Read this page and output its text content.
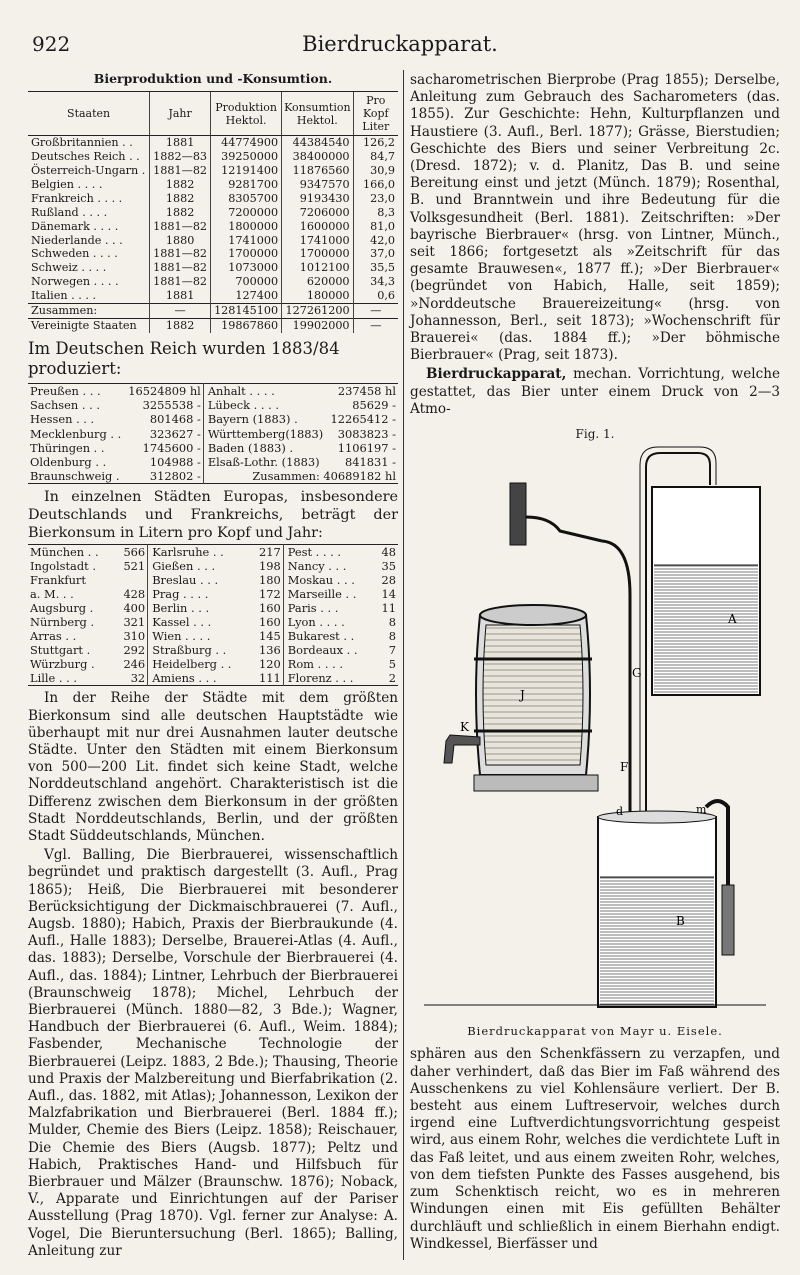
922	Bierdruckapparat.
Bierproduktion und -Konsumtion.
Staaten	Jahr	Produktion Hektol.	Konsumtion Hektol.	Pro Kopf Liter
Großbritannien . .	1881	44774900	44384540	126,2
Deutsches Reich . .	1882—83	39250000	38400000	84,7
Österreich-Ungarn .	1881—82	12191400	11876560	30,9
Belgien . . . .	1882	9281700	9347570	166,0
Frankreich . . . .	1882	8305700	9193430	23,0
Rußland . . . .	1882	7200000	7206000	8,3
Dänemark . . . .	1881—82	1800000	1600000	81,0
Niederlande . . .	1880	1741000	1741000	42,0
Schweden . . . .	1881—82	1700000	1700000	37,0
Schweiz . . . .	1881—82	1073000	1012100	35,5
Norwegen . . . .	1881—82	700000	620000	34,3
Italien . . . .	1881	127400	180000	0,6
Zusammen:	—	128145100	127261200	—
Vereinigte Staaten	1882	19867860	19902000	—
Im Deutschen Reich wurden 1883/84 produziert:
Preußen . . .	16524809 hl	Anhalt . . . .	237458 hl
Sachsen . . .	3255538 -	Lübeck . . . .	85629 -
Hessen . . .	801468 -	Bayern (1883) .	12265412 -
Mecklenburg . .	323627 -	Württemberg(1883)	3083823 -
Thüringen . .	1745600 -	Baden (1883) .	1106197 -
Oldenburg . .	104988 -	Elsaß-Lothr. (1883)	841831 -
Braunschweig .	312802 -	Zusammen: 40689182 hl	
In einzelnen Städten Europas, insbesondere Deutschlands und Frankreichs, beträgt der Bierkonsum in Litern pro Kopf und Jahr:
München . .	566	Karlsruhe . .	217	Pest . . . .	48
Ingolstadt .	521	Gießen . . .	198	Nancy . . .	35
Frankfurt		Breslau . . .	180	Moskau . . .	28
a. M. . .	428	Prag . . . .	172	Marseille . .	14
Augsburg .	400	Berlin . . .	160	Paris . . .	11
Nürnberg .	321	Kassel . . .	160	Lyon . . . .	8
Arras . .	310	Wien . . . .	145	Bukarest . .	8
Stuttgart .	292	Straßburg . .	136	Bordeaux . .	7
Würzburg .	246	Heidelberg . .	120	Rom . . . .	5
Lille . . .	32	Amiens . . .	111	Florenz . . .	2
In der Reihe der Städte mit dem größten Bierkonsum sind alle deutschen Hauptstädte wie überhaupt mit nur drei Ausnahmen lauter deutsche Städte. Unter den Städten mit einem Bierkonsum von 500—200 Lit. findet sich keine Stadt, welche Norddeutschland angehört. Charakteristisch ist die Differenz zwischen dem Bierkonsum in der größten Stadt Norddeutschlands, Berlin, und der größten Stadt Süddeutschlands, München.
Vgl. Balling, Die Bierbrauerei, wissenschaftlich begründet und praktisch dargestellt (3. Aufl., Prag 1865); Heiß, Die Bierbrauerei mit besonderer Berücksichtigung der Dickmaischbrauerei (7. Aufl., Augsb. 1880); Habich, Praxis der Bierbraukunde (4. Aufl., Halle 1883); Derselbe, Brauerei-Atlas (4. Aufl., das. 1883); Derselbe, Vorschule der Bierbrauerei (4. Aufl., das. 1884); Lintner, Lehrbuch der Bierbrauerei (Braunschweig 1878); Michel, Lehrbuch der Bierbrauerei (Münch. 1880—82, 3 Bde.); Wagner, Handbuch der Bierbrauerei (6. Aufl., Weim. 1884); Fasbender, Mechanische Technologie der Bierbrauerei (Leipz. 1883, 2 Bde.); Thausing, Theorie und Praxis der Malzbereitung und Bierfabrikation (2. Aufl., das. 1882, mit Atlas); Johannesson, Lexikon der Malzfabrikation und Bierbrauerei (Berl. 1884 ff.); Mulder, Chemie des Biers (Leipz. 1858); Reischauer, Die Chemie des Biers (Augsb. 1877); Peltz und Habich, Praktisches Hand- und Hilfsbuch für Bierbrauer und Mälzer (Braunschw. 1876); Noback, V., Apparate und Einrichtungen auf der Pariser Ausstellung (Prag 1870). Vgl. ferner zur Analyse: A. Vogel, Die Bieruntersuchung (Berl. 1865); Balling, Anleitung zur
sacharometrischen Bierprobe (Prag 1855); Derselbe, Anleitung zum Gebrauch des Sacharometers (das. 1855). Zur Geschichte: Hehn, Kulturpflanzen und Haustiere (3. Aufl., Berl. 1877); Grässe, Bierstudien; Geschichte des Biers und seiner Verbreitung 2c. (Dresd. 1872); v. d. Planitz, Das B. und seine Bereitung einst und jetzt (Münch. 1879); Rosenthal, B. und Branntwein und ihre Bedeutung für die Volksgesundheit (Berl. 1881). Zeitschriften: »Der bayrische Bierbrauer« (hrsg. von Lintner, Münch., seit 1866; fortgesetzt als »Zeitschrift für das gesamte Brauwesen«, 1877 ff.); »Der Bierbrauer« (begründet von Habich, Halle, seit 1859); »Norddeutsche Brauereizeitung« (hrsg. von Johannesson, Berl., seit 1873); »Wochenschrift für Brauerei« (das. 1884 ff.); »Der böhmische Bierbrauer« (Prag, seit 1873).
Bierdruckapparat, mechan. Vorrichtung, welche gestattet, das Bier unter einem Druck von 2—3 Atmo-
Fig. 1.
A
G
F
J
K
d	m
B
Bierdruckapparat von Mayr u. Eisele.
sphären aus den Schenkfässern zu verzapfen, und daher verhindert, daß das Bier im Faß während des Ausschenkens zu viel Kohlensäure verliert. Der B. besteht aus einem Luftreservoir, welches durch irgend eine Luftverdichtungsvorrichtung gespeist wird, aus einem Rohr, welches die verdichtete Luft in das Faß leitet, und aus einem zweiten Rohr, welches, von dem tiefsten Punkte des Fasses ausgehend, bis zum Schenktisch reicht, wo es in mehreren Windungen einen mit Eis gefüllten Behälter durchläuft und schließlich in einem Bierhahn endigt. Windkessel, Bierfässer und
